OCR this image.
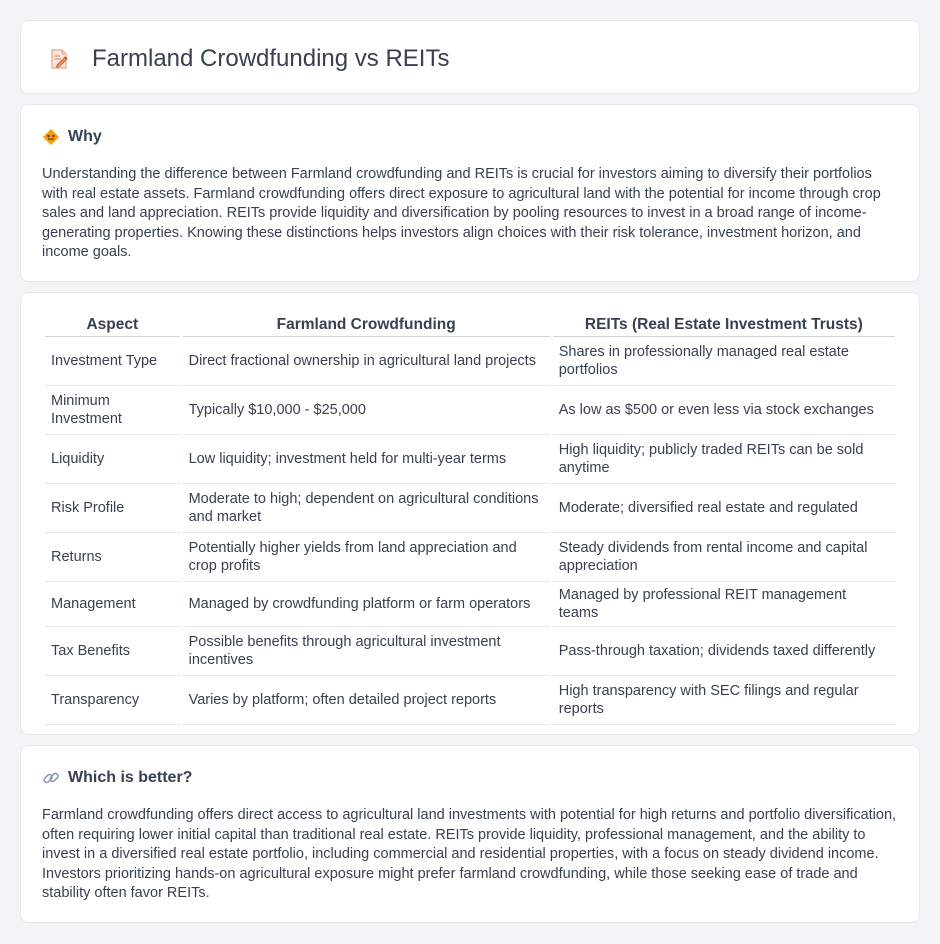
Farmland Crowdfunding vs REITs
Why

Understanding the difference between Farmland crowdfunding and REITs is crucial for investors aiming to diversify their portfolios with real estate assets. Farmland crowdfunding offers direct exposure to agricultural land with the potential for income through crop sales and land appreciation. REITs provide liquidity and diversification by pooling resources to invest in a broad range of income-generating properties. Knowing these distinctions helps investors align choices with their risk tolerance, investment horizon, and income goals.

Aspect	Farmland Crowdfunding	REITs (Real Estate Investment Trusts)
Investment Type	Direct fractional ownership in agricultural land projects	Shares in professionally managed real estate portfolios
Minimum Investment	Typically $10,000 - $25,000	As low as $500 or even less via stock exchanges
Liquidity	Low liquidity; investment held for multi-year terms	High liquidity; publicly traded REITs can be sold anytime
Risk Profile	Moderate to high; dependent on agricultural conditions and market	Moderate; diversified real estate and regulated
Returns	Potentially higher yields from land appreciation and crop profits	Steady dividends from rental income and capital appreciation
Management	Managed by crowdfunding platform or farm operators	Managed by professional REIT management teams
Tax Benefits	Possible benefits through agricultural investment incentives	Pass-through taxation; dividends taxed differently
Transparency	Varies by platform; often detailed project reports	High transparency with SEC filings and regular reports
Which is better?

Farmland crowdfunding offers direct access to agricultural land investments with potential for high returns and portfolio diversification, often requiring lower initial capital than traditional real estate. REITs provide liquidity, professional management, and the ability to invest in a diversified real estate portfolio, including commercial and residential properties, with a focus on steady dividend income. Investors prioritizing hands-on agricultural exposure might prefer farmland crowdfunding, while those seeking ease of trade and stability often favor REITs.
